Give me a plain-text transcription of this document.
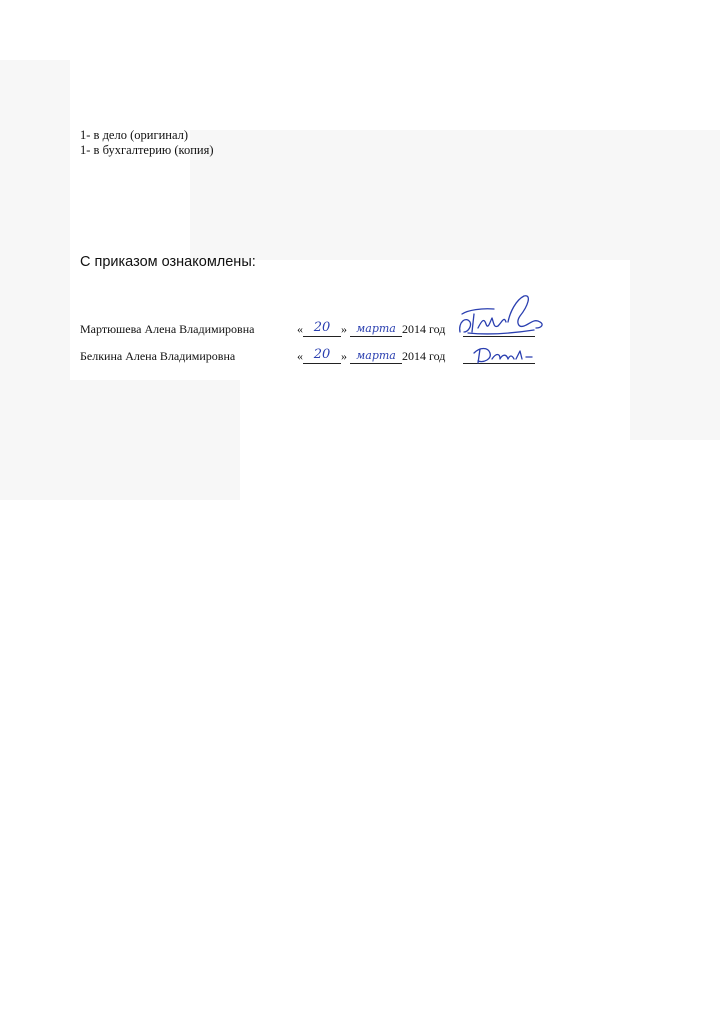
1- в дело (оригинал)
1- в бухгалтерию (копия)
С приказом ознакомлены:
Мартюшева Алена Владимировна	« 20 » марта 2014 год
Белкина Алена Владимировна	« 20 » марта 2014 год
